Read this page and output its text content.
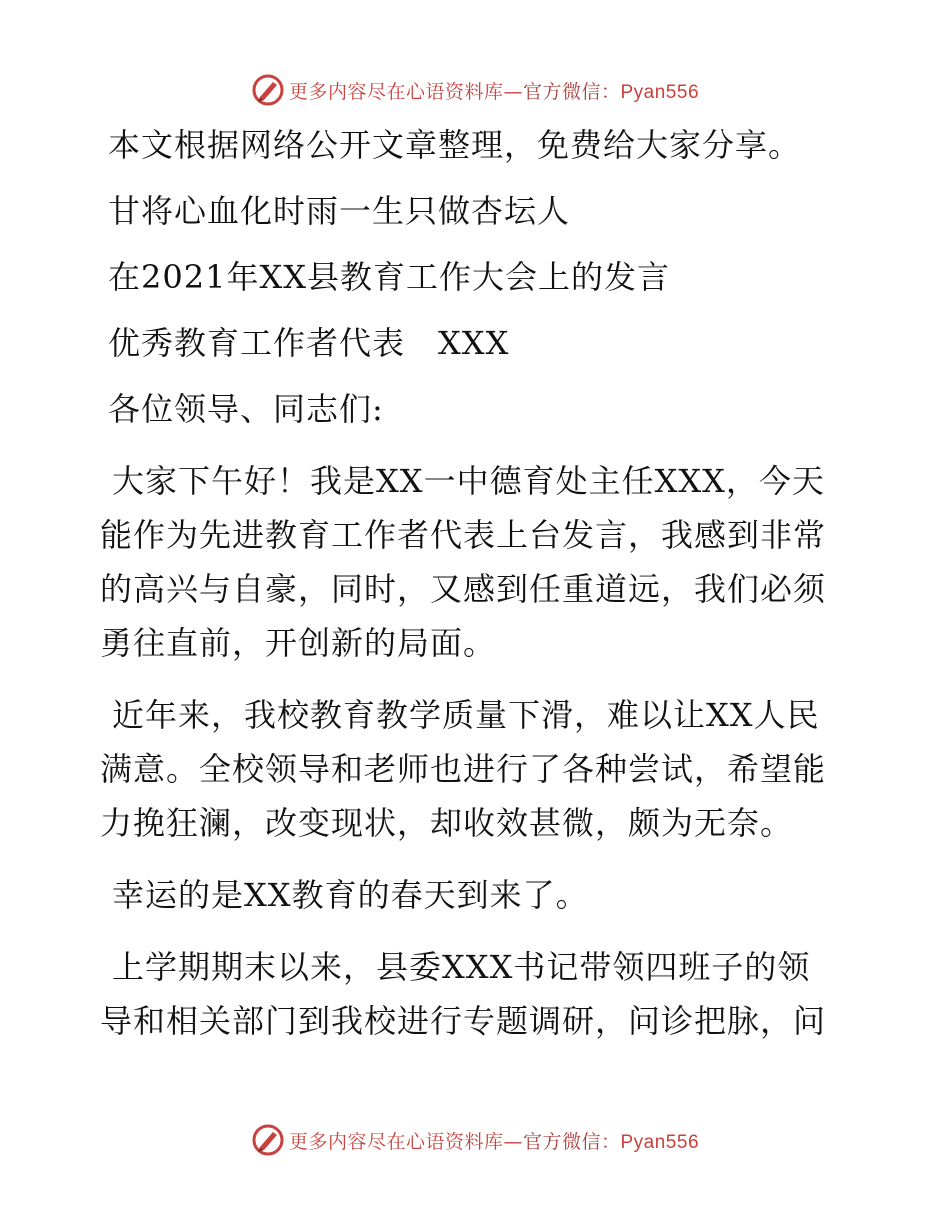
更多内容尽在心语资料库—官方微信：Pyan556

本文根据网络公开文章整理，免费给大家分享。

甘将心血化时雨一生只做杏坛人

在2021年XX县教育工作大会上的发言

优秀教育工作者代表　XXX

各位领导、同志们:

大家下午好！我是XX一中德育处主任XXX，今天

能作为先进教育工作者代表上台发言，我感到非常

的高兴与自豪，同时，又感到任重道远，我们必须

勇往直前，开创新的局面。

近年来，我校教育教学质量下滑，难以让XX人民

满意。全校领导和老师也进行了各种尝试，希望能

力挽狂澜，改变现状，却收效甚微，颇为无奈。

幸运的是XX教育的春天到来了。

上学期期末以来，县委XXX书记带领四班子的领

导和相关部门到我校进行专题调研，问诊把脉，问

更多内容尽在心语资料库—官方微信：Pyan556
